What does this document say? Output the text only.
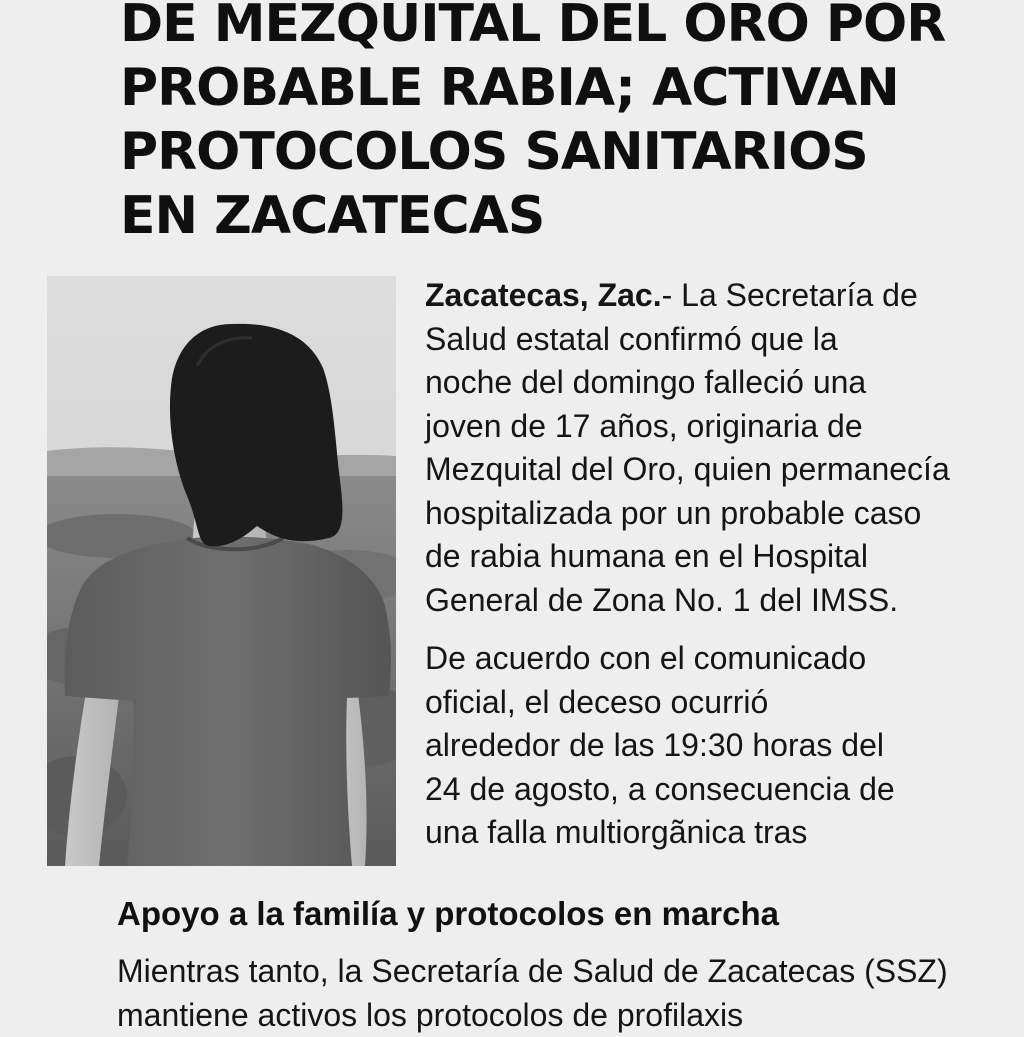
DE MEZQUITAL DEL ORO POR
PROBABLE RABIA; ACTIVAN
PROTOCOLOS SANITARIOS
EN ZACATECAS

Zacatecas, Zac.- La Secretaría de
Salud estatal confirmó que la
noche del domingo falleció una
joven de 17 años, originaria de
Mezquital del Oro, quien permanecía
hospitalizada por un probable caso
de rabia humana en el Hospital
General de Zona No. 1 del IMSS.

De acuerdo con el comunicado
oficial, el deceso ocurrió
alrededor de las 19:30 horas del
24 de agosto, a consecuencia de
una falla multiorgãnica tras

Apoyo a la familía y protocolos en marcha

Mientras tanto, la Secretaría de Salud de Zacatecas (SSZ)
mantiene activos los protocolos de profilaxis
